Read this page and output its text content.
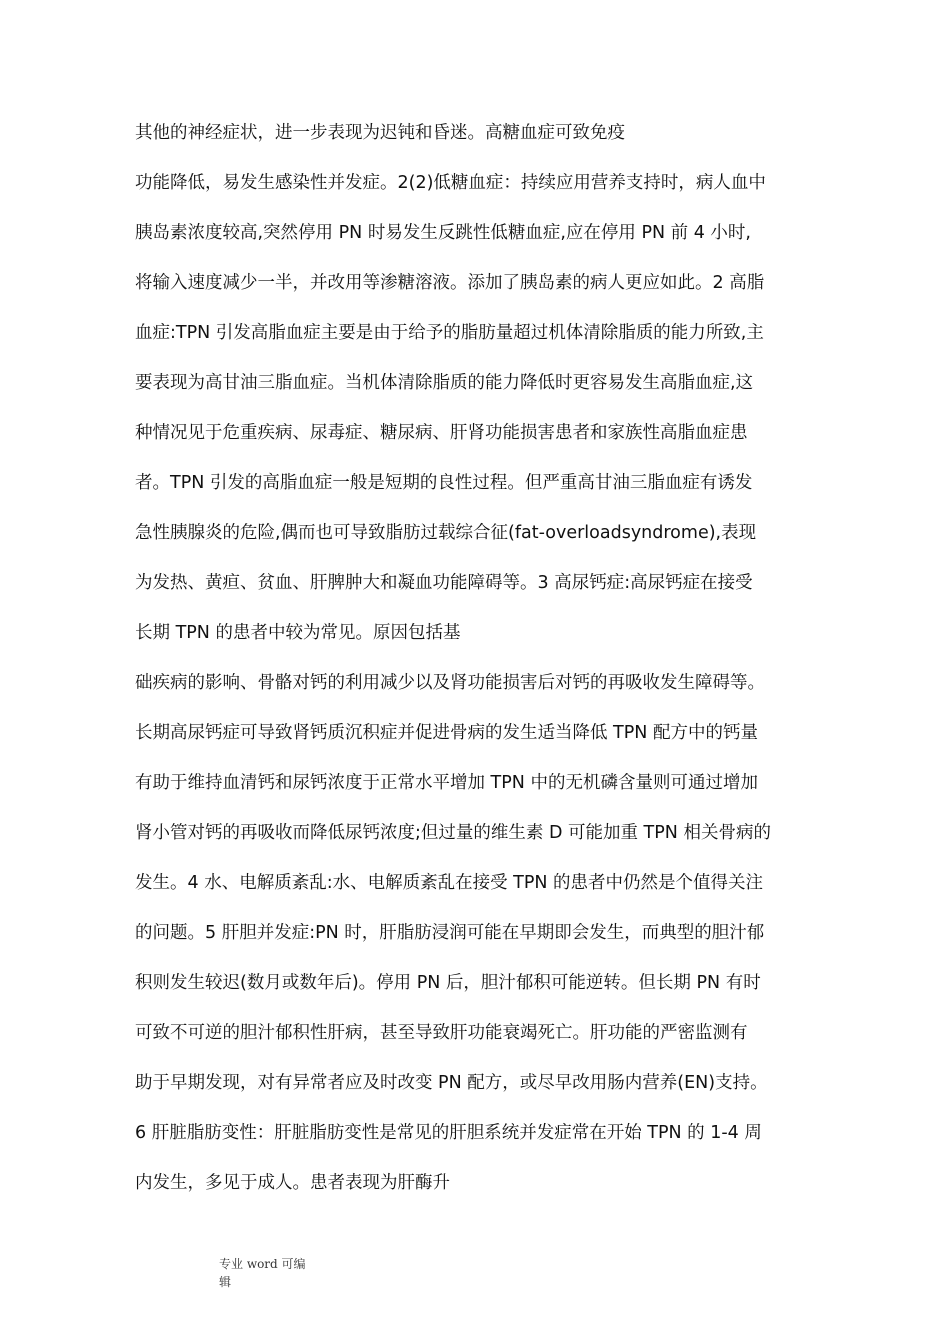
其他的神经症状，进一步表现为迟钝和昏迷。高糖血症可致免疫
功能降低，易发生感染性并发症。2(2)低糖血症：持续应用营养支持时，病人血中
胰岛素浓度较高,突然停用 PN 时易发生反跳性低糖血症,应在停用 PN 前 4 小时,
将输入速度减少一半，并改用等渗糖溶液。添加了胰岛素的病人更应如此。2 高脂
血症:TPN 引发高脂血症主要是由于给予的脂肪量超过机体清除脂质的能力所致,主
要表现为高甘油三脂血症。当机体清除脂质的能力降低时更容易发生高脂血症,这
种情况见于危重疾病、尿毒症、糖尿病、肝肾功能损害患者和家族性高脂血症患
者。TPN 引发的高脂血症一般是短期的良性过程。但严重高甘油三脂血症有诱发
急性胰腺炎的危险,偶而也可导致脂肪过载综合征(fat-overloadsyndrome),表现
为发热、黄疸、贫血、肝脾肿大和凝血功能障碍等。3 高尿钙症:高尿钙症在接受
长期 TPN 的患者中较为常见。原因包括基
础疾病的影响、骨骼对钙的利用减少以及肾功能损害后对钙的再吸收发生障碍等。
长期高尿钙症可导致肾钙质沉积症并促进骨病的发生适当降低 TPN 配方中的钙量
有助于维持血清钙和尿钙浓度于正常水平增加 TPN 中的无机磷含量则可通过增加
肾小管对钙的再吸收而降低尿钙浓度;但过量的维生素 D 可能加重 TPN 相关骨病的
发生。4 水、电解质紊乱:水、电解质紊乱在接受 TPN 的患者中仍然是个值得关注
的问题。5 肝胆并发症:PN 时，肝脂肪浸润可能在早期即会发生，而典型的胆汁郁
积则发生较迟(数月或数年后)。停用 PN 后，胆汁郁积可能逆转。但长期 PN 有时
可致不可逆的胆汁郁积性肝病，甚至导致肝功能衰竭死亡。肝功能的严密监测有
助于早期发现，对有异常者应及时改变 PN 配方，或尽早改用肠内营养(EN)支持。
6 肝脏脂肪变性：肝脏脂肪变性是常见的肝胆系统并发症常在开始 TPN 的 1-4 周
内发生，多见于成人。患者表现为肝酶升
专业 word 可编
辑
